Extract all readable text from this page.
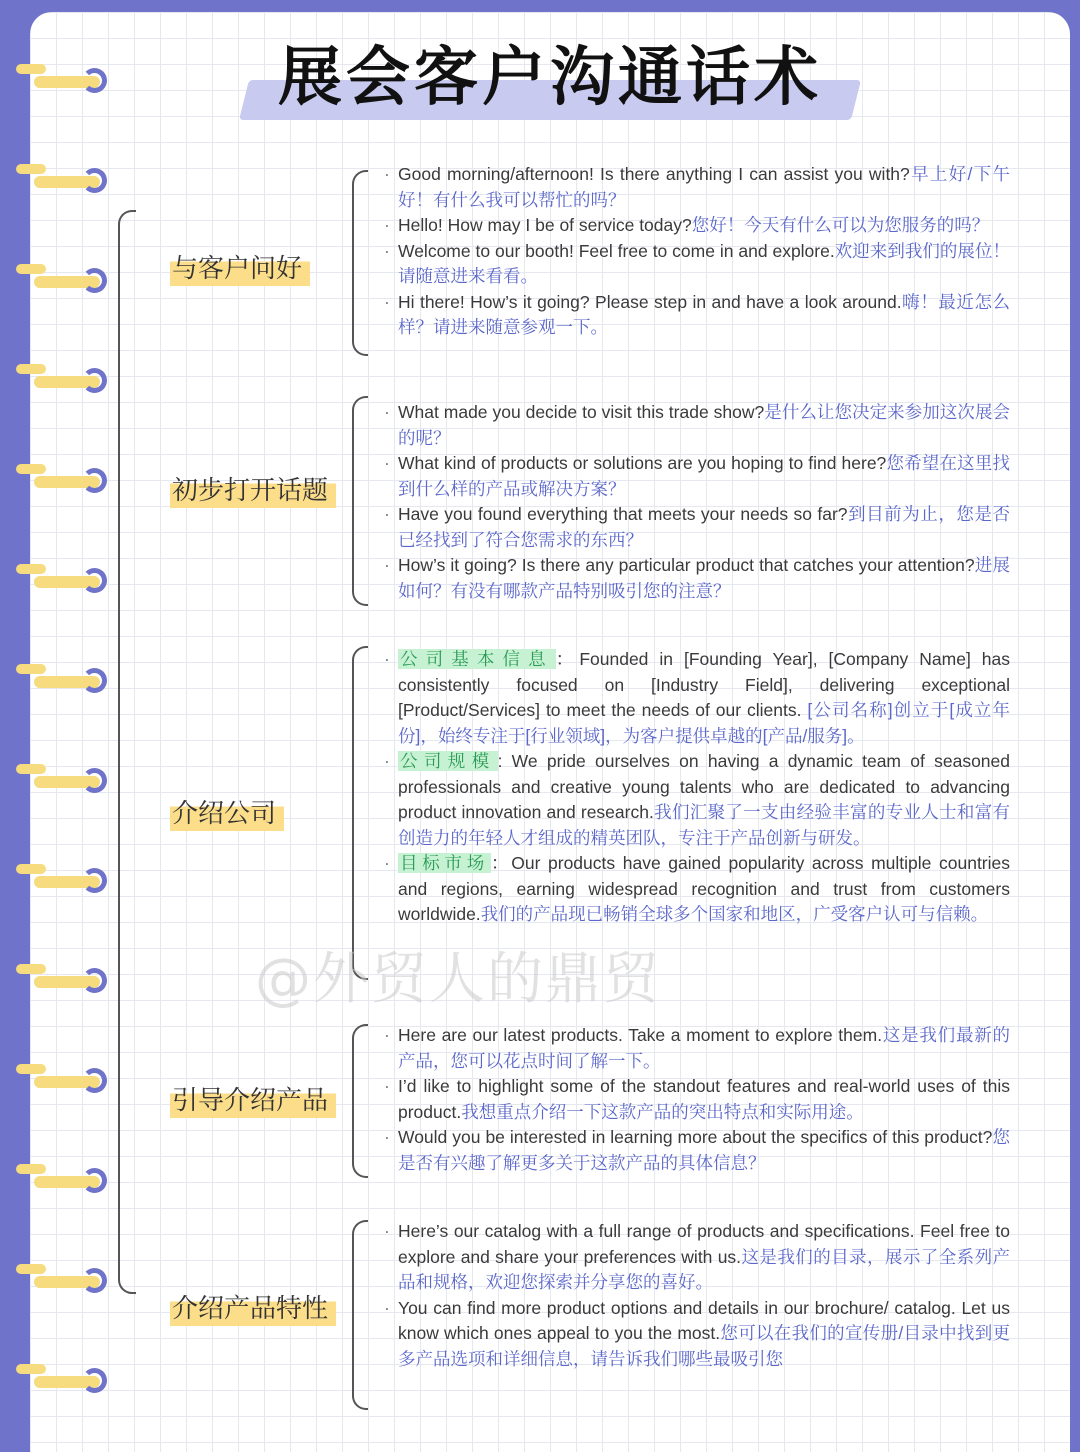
展会客户沟通话术
与客户问好
· Good morning/afternoon! Is there anything I can assist you with?早上好/下午好！有什么我可以帮忙的吗？
· Hello! How may I be of service today?您好！今天有什么可以为您服务的吗？
· Welcome to our booth! Feel free to come in and explore.欢迎来到我们的展位！请随意进来看看。
· Hi there! How’s it going? Please step in and have a look around.嗨！最近怎么样？请进来随意参观一下。
初步打开话题
· What made you decide to visit this trade show?是什么让您决定来参加这次展会的呢？
· What kind of products or solutions are you hoping to find here?您希望在这里找到什么样的产品或解决方案？
· Have you found everything that meets your needs so far?到目前为止，您是否已经找到了符合您需求的东西？
· How’s it going? Is there any particular product that catches your attention?进展如何？有没有哪款产品特别吸引您的注意？
介绍公司
· 公司基本信息 ：Founded in [Founding Year], [Company Name] has consistently focused on [Industry Field], delivering exceptional [Product/Services] to meet the needs of our clients. [公司名称]创立于[成立年份]，始终专注于[行业领域]，为客户提供卓越的[产品/服务]。
· 公司规模 : We pride ourselves on having a dynamic team of seasoned professionals and creative young talents who are dedicated to advancing product innovation and research.我们汇聚了一支由经验丰富的专业人士和富有创造力的年轻人才组成的精英团队，专注于产品创新与研发。
· 目标市场 ：Our products have gained popularity across multiple countries and regions, earning widespread recognition and trust from customers worldwide.我们的产品现已畅销全球多个国家和地区，广受客户认可与信赖。
@外贸人的鼎贸
引导介绍产品
· Here are our latest products. Take a moment to explore them.这是我们最新的产品，您可以花点时间了解一下。
· I’d like to highlight some of the standout features and real-world uses of this product.我想重点介绍一下这款产品的突出特点和实际用途。
· Would you be interested in learning more about the specifics of this product?您是否有兴趣了解更多关于这款产品的具体信息？
介绍产品特性
· Here’s our catalog with a full range of products and specifications. Feel free to explore and share your preferences with us.这是我们的目录，展示了全系列产品和规格，欢迎您探索并分享您的喜好。
· You can find more product options and details in our brochure/ catalog. Let us know which ones appeal to you the most.您可以在我们的宣传册/目录中找到更多产品选项和详细信息，请告诉我们哪些最吸引您
